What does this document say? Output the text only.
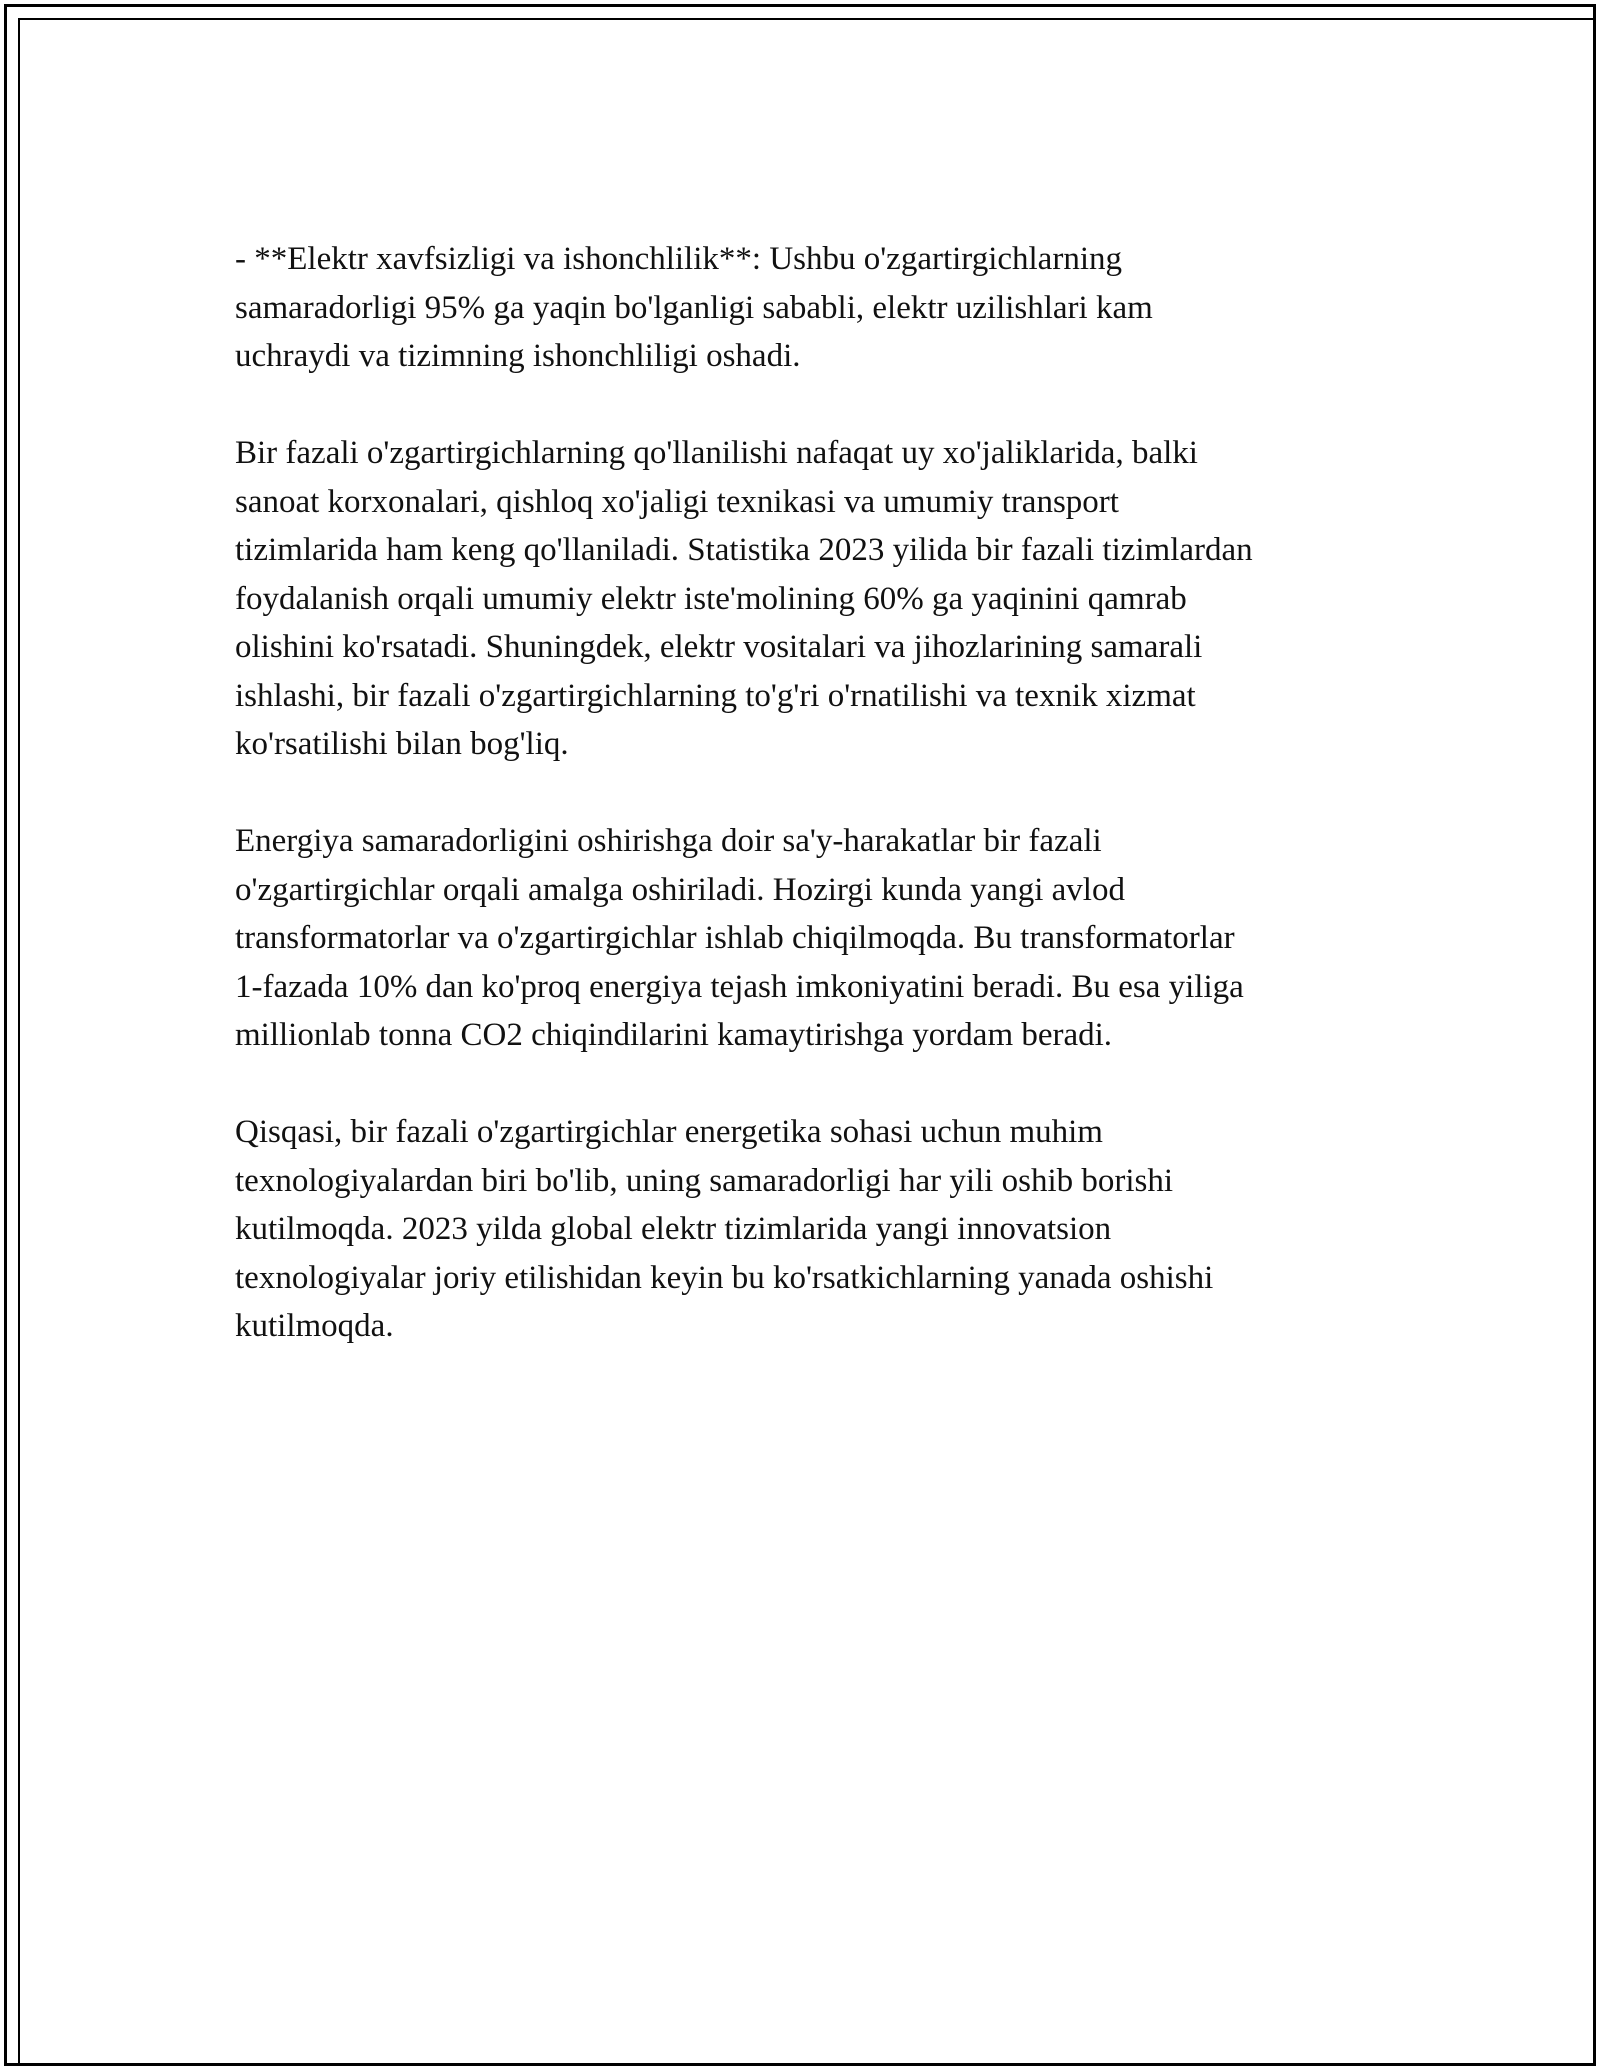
- **Elektr xavfsizligi va ishonchlilik**: Ushbu o'zgartirgichlarning
samaradorligi 95% ga yaqin bo'lganligi sababli, elektr uzilishlari kam
uchraydi va tizimning ishonchliligi oshadi.

Bir fazali o'zgartirgichlarning qo'llanilishi nafaqat uy xo'jaliklarida, balki
sanoat korxonalari, qishloq xo'jaligi texnikasi va umumiy transport
tizimlarida ham keng qo'llaniladi. Statistika 2023 yilida bir fazali tizimlardan
foydalanish orqali umumiy elektr iste'molining 60% ga yaqinini qamrab
olishini ko'rsatadi. Shuningdek, elektr vositalari va jihozlarining samarali
ishlashi, bir fazali o'zgartirgichlarning to'g'ri o'rnatilishi va texnik xizmat
ko'rsatilishi bilan bog'liq.

Energiya samaradorligini oshirishga doir sa'y-harakatlar bir fazali
o'zgartirgichlar orqali amalga oshiriladi. Hozirgi kunda yangi avlod
transformatorlar va o'zgartirgichlar ishlab chiqilmoqda. Bu transformatorlar
1-fazada 10% dan ko'proq energiya tejash imkoniyatini beradi. Bu esa yiliga
millionlab tonna CO2 chiqindilarini kamaytirishga yordam beradi.

Qisqasi, bir fazali o'zgartirgichlar energetika sohasi uchun muhim
texnologiyalardan biri bo'lib, uning samaradorligi har yili oshib borishi
kutilmoqda. 2023 yilda global elektr tizimlarida yangi innovatsion
texnologiyalar joriy etilishidan keyin bu ko'rsatkichlarning yanada oshishi
kutilmoqda.
